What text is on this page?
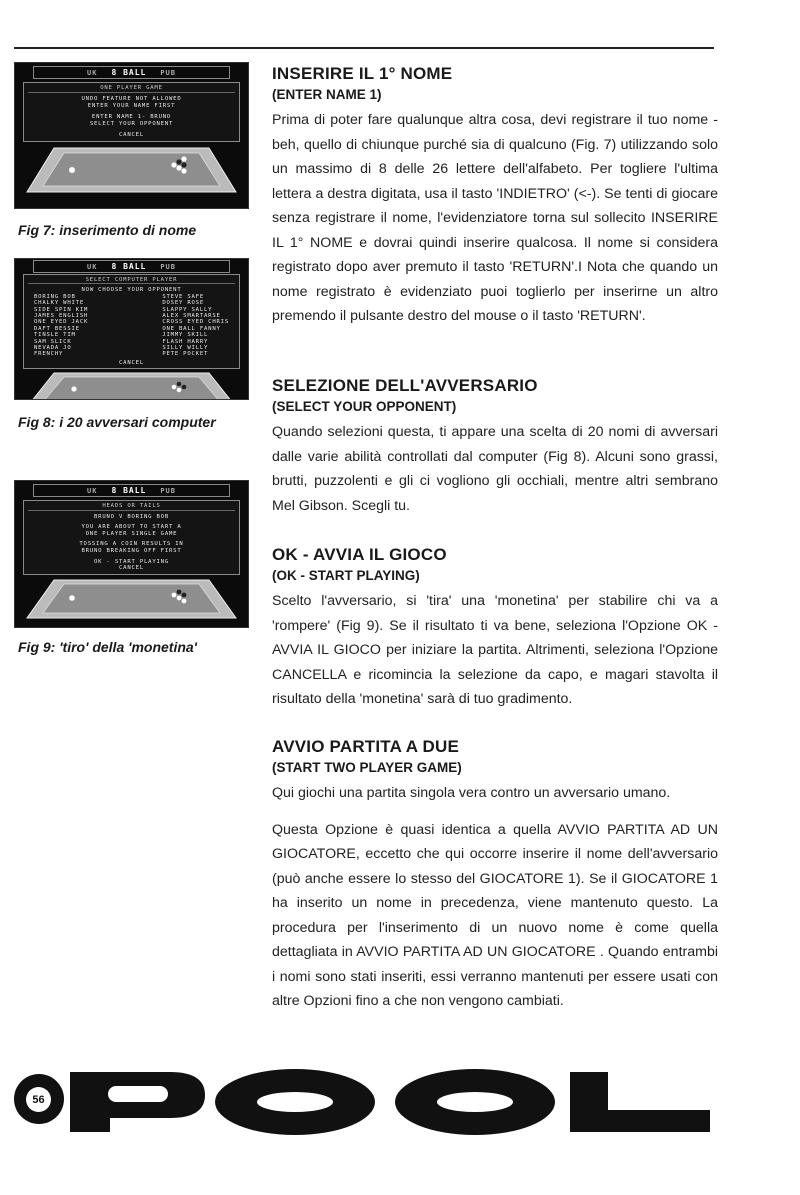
UK 8 BALL PUB
ONE PLAYER GAME
UNDO FEATURE NOT ALLOWED
ENTER YOUR NAME FIRST
ENTER NAME 1- BRUNO
SELECT YOUR OPPONENT
CANCEL
Fig 7: inserimento di nome
UK 8 BALL PUB
SELECT COMPUTER PLAYER
NOW CHOOSE YOUR OPPONENT
BORING BOB
CHALKY WHITE
SIDE SPIN KIM
JAMES ENGLISH
ONE EYED JACK
DAFT BESSIE
TINSLE TIM
SAM SLICK
NEVADA JO
FRENCHY
STEVE SAFE
DOSEY ROSE
SLAPPY SALLY
ALEX SMARTARSE
CROSS EYED CHRIS
ONE BALL FANNY
JIMMY SKILL
FLASH HARRY
SILLY WILLY
PETE POCKET
CANCEL
Fig 8: i 20 avversari computer
UK 8 BALL PUB
HEADS OR TAILS
BRUNO V BORING BOB
YOU ARE ABOUT TO START A
ONE PLAYER SINGLE GAME
TOSSING A COIN RESULTS IN
BRUNO BREAKING OFF FIRST
OK - START PLAYING
CANCEL
Fig 9: 'tiro' della 'monetina'
INSERIRE IL 1° NOME
(ENTER NAME 1)

Prima di poter fare qualunque altra cosa, devi registrare il tuo nome - beh, quello di chiunque purché sia di qualcuno (Fig. 7) utilizzando solo un massimo di 8 delle 26 lettere dell'alfabeto. Per togliere l'ultima lettera a destra digitata, usa il tasto 'INDIETRO' (<-). Se tenti di giocare senza registrare il nome, l'evidenziatore torna sul sollecito INSERIRE IL 1° NOME e dovrai quindi inserire qualcosa. Il nome si considera registrato dopo aver premuto il tasto 'RETURN'.I Nota che quando un nome registrato è evidenziato puoi toglierlo per inserirne un altro premendo il pulsante destro del mouse o il tasto 'RETURN'.

SELEZIONE DELL'AVVERSARIO
(SELECT YOUR OPPONENT)

Quando selezioni questa, ti appare una scelta di 20 nomi di avversari dalle varie abilità controllati dal computer (Fig 8). Alcuni sono grassi, brutti, puzzolenti e gli ci vogliono gli occhiali, mentre altri sembrano Mel Gibson. Scegli tu.

OK - AVVIA IL GIOCO
(OK - START PLAYING)

Scelto l'avversario, si 'tira' una 'monetina' per stabilire chi va a 'rompere' (Fig 9). Se il risultato ti va bene, seleziona l'Opzione OK - AVVIA IL GIOCO per iniziare la partita. Altrimenti, seleziona l'Opzione CANCELLA e ricomincia la selezione da capo, e magari stavolta il risultato della 'monetina' sarà di tuo gradimento.

AVVIO PARTITA A DUE
(START TWO PLAYER GAME)

Qui giochi una partita singola vera contro un avversario umano.

Questa Opzione è quasi identica a quella AVVIO PARTITA AD UN GIOCATORE, eccetto che qui occorre inserire il nome dell'avversario (può anche essere lo stesso del GIOCATORE 1). Se il GIOCATORE 1 ha inserito un nome in precedenza, viene mantenuto questo. La procedura per l'inserimento di un nuovo nome è come quella dettagliata in AVVIO PARTITA AD UN GIOCATORE . Quando entrambi i nomi sono stati inseriti, essi verranno mantenuti per essere usati con altre Opzioni fino a che non vengono cambiati.

56
